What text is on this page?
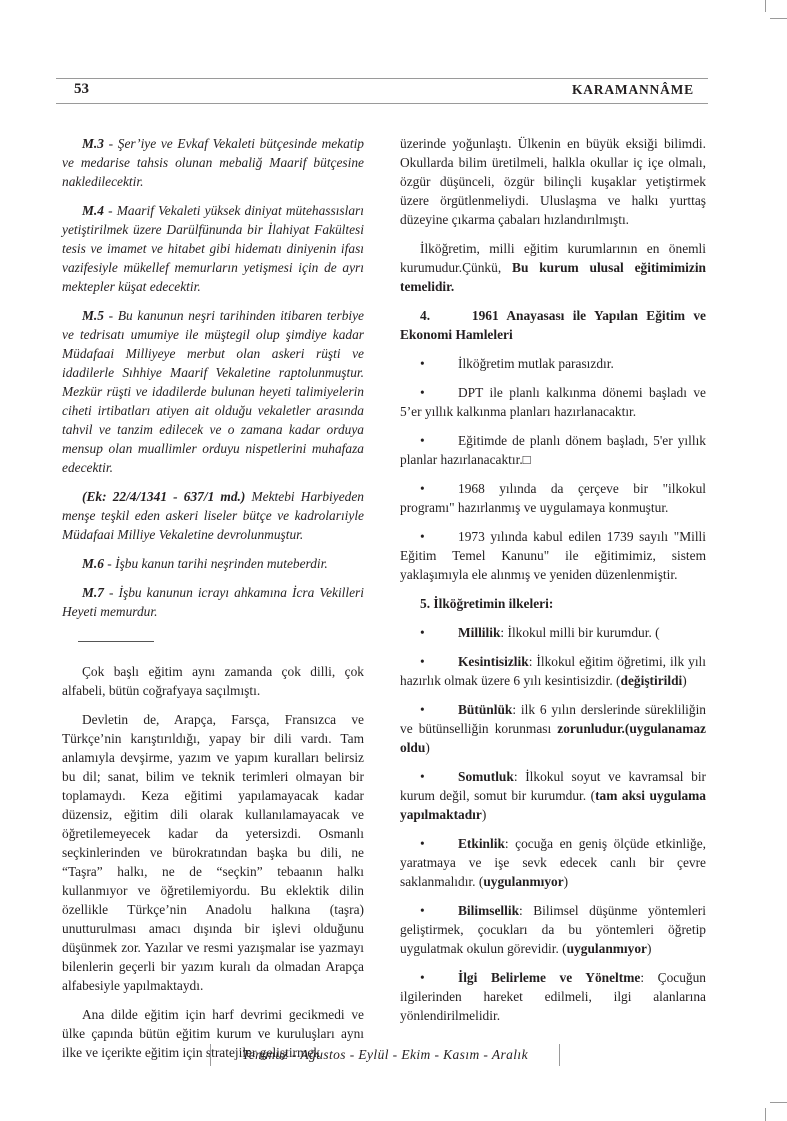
53	KARAMANNÂME

M.3 - Şer’iye ve Evkaf Vekaleti bütçesinde mekatip ve medarise tahsis olunan mebaliğ Maarif bütçesine nakledilecektir.

M.4 - Maarif Vekaleti yüksek diniyat mütehassısları yetiştirilmek üzere Darülfünunda bir İlahiyat Fakültesi tesis ve imamet ve hitabet gibi hidematı diniyenin ifası vazifesiyle mükellef memurların yetişmesi için de ayrı mektepler küşat edecektir.

M.5 - Bu kanunun neşri tarihinden itibaren terbiye ve tedrisatı umumiye ile müştegil olup şimdiye kadar Müdafaai Milliyeye merbut olan askeri rüşti ve idadilerle Sıhhiye Maarif Vekaletine raptolunmuştur. Mezkür rüşti ve idadilerde bulunan heyeti talimiyelerin ciheti irtibatları atiyen ait olduğu vekaletler arasında tahvil ve tanzim edilecek ve o zamana kadar orduya mensup olan muallimler orduyu nispetlerini muhafaza edecektir.

(Ek: 22/4/1341 - 637/1 md.) Mektebi Harbiyeden menşe teşkil eden askeri liseler bütçe ve kadrolarıiyle Müdafaai Milliye Vekaletine devrolunmuştur.

M.6 - İşbu kanun tarihi neşrinden muteberdir.

M.7 - İşbu kanunun icrayı ahkamına İcra Vekilleri Heyeti memurdur.

Çok başlı eğitim aynı zamanda çok dilli, çok alfabeli, bütün coğrafyaya saçılmıştı.

Devletin de, Arapça, Farsça, Fransızca ve Türkçe’nin karıştırıldığı, yapay bir dili vardı. Tam anlamıyla devşirme, yazım ve yapım kuralları belirsiz bu dil; sanat, bilim ve teknik terimleri olmayan bir toplamaydı. Keza eğitimi yapılamayacak kadar düzensiz, eğitim dili olarak kullanılamayacak ve öğretilemeyecek kadar da yetersizdi. Osmanlı seçkinlerinden ve bürokratından başka bu dili, ne “Taşra” halkı, ne de “seçkin” tebaanın halkı kullanmıyor ve öğretilemiyordu. Bu eklektik dilin özellikle Türkçe’nin Anadolu halkına (taşra) unutturulması amacı dışında bir işlevi olduğunu düşünmek zor. Yazılar ve resmi yazışmalar ise yazmayı bilenlerin geçerli bir yazım kuralı da olmadan Arapça alfabesiyle yapılmaktaydı.

Ana dilde eğitim için harf devrimi gecikmedi ve ülke çapında bütün eğitim kurum ve kuruluşları aynı ilke ve içerikte eğitim için stratejiler geliştirmek

üzerinde yoğunlaştı. Ülkenin en büyük eksiği bilimdi. Okullarda bilim üretilmeli, halkla okullar iç içe olmalı, özgür düşünceli, özgür bilinçli kuşaklar yetiştirmek üzere örgütlenmeliydi. Uluslaşma ve halkı yurttaş düzeyine çıkarma çabaları hızlandırılmıştı.

İlköğretim, milli eğitim kurumlarının en önemli kurumudur.Çünkü, Bu kurum ulusal eğitimimizin temelidir.

4.     1961 Anayasası ile Yapılan Eğitim ve Ekonomi Hamleleri

• İlköğretim mutlak parasızdır.

• DPT ile planlı kalkınma dönemi başladı ve 5’er yıllık kalkınma planları hazırlanacaktır.

• Eğitimde de planlı dönem başladı, 5'er yıllık planlar hazırlanacaktır.□

• 1968 yılında da çerçeve bir "ilkokul programı" hazırlanmış ve uygulamaya konmuştur.

• 1973 yılında kabul edilen 1739 sayılı "Milli Eğitim Temel Kanunu" ile eğitimimiz, sistem yaklaşımıyla ele alınmış ve yeniden düzenlenmiştir.

5. İlköğretimin ilkeleri:

• Millilik: İlkokul milli bir kurumdur. (

• Kesintisizlik: İlkokul eğitim öğretimi, ilk yılı hazırlık olmak üzere 6 yılı kesintisizdir. (değiştirildi)

• Bütünlük: ilk 6 yılın derslerinde sürekliliğin ve bütünselliğin korunması zorunludur.(uygulanamaz oldu)

• Somutluk: İlkokul soyut ve kavramsal bir kurum değil, somut bir kurumdur. (tam aksi uygulama yapılmaktadır)

• Etkinlik: çocuğa en geniş ölçüde etkinliğe, yaratmaya ve işe sevk edecek canlı bir çevre saklanmalıdır. (uygulanmıyor)

• Bilimsellik: Bilimsel düşünme yöntemleri geliştirmek, çocukları da bu yöntemleri öğretip uygulatmak okulun görevidir. (uygulanmıyor)

• İlgi Belirleme ve Yöneltme: Çocuğun ilgilerinden hareket edilmeli, ilgi alanlarına yönlendirilmelidir.

Temmuz - Ağustos - Eylül - Ekim - Kasım - Aralık
